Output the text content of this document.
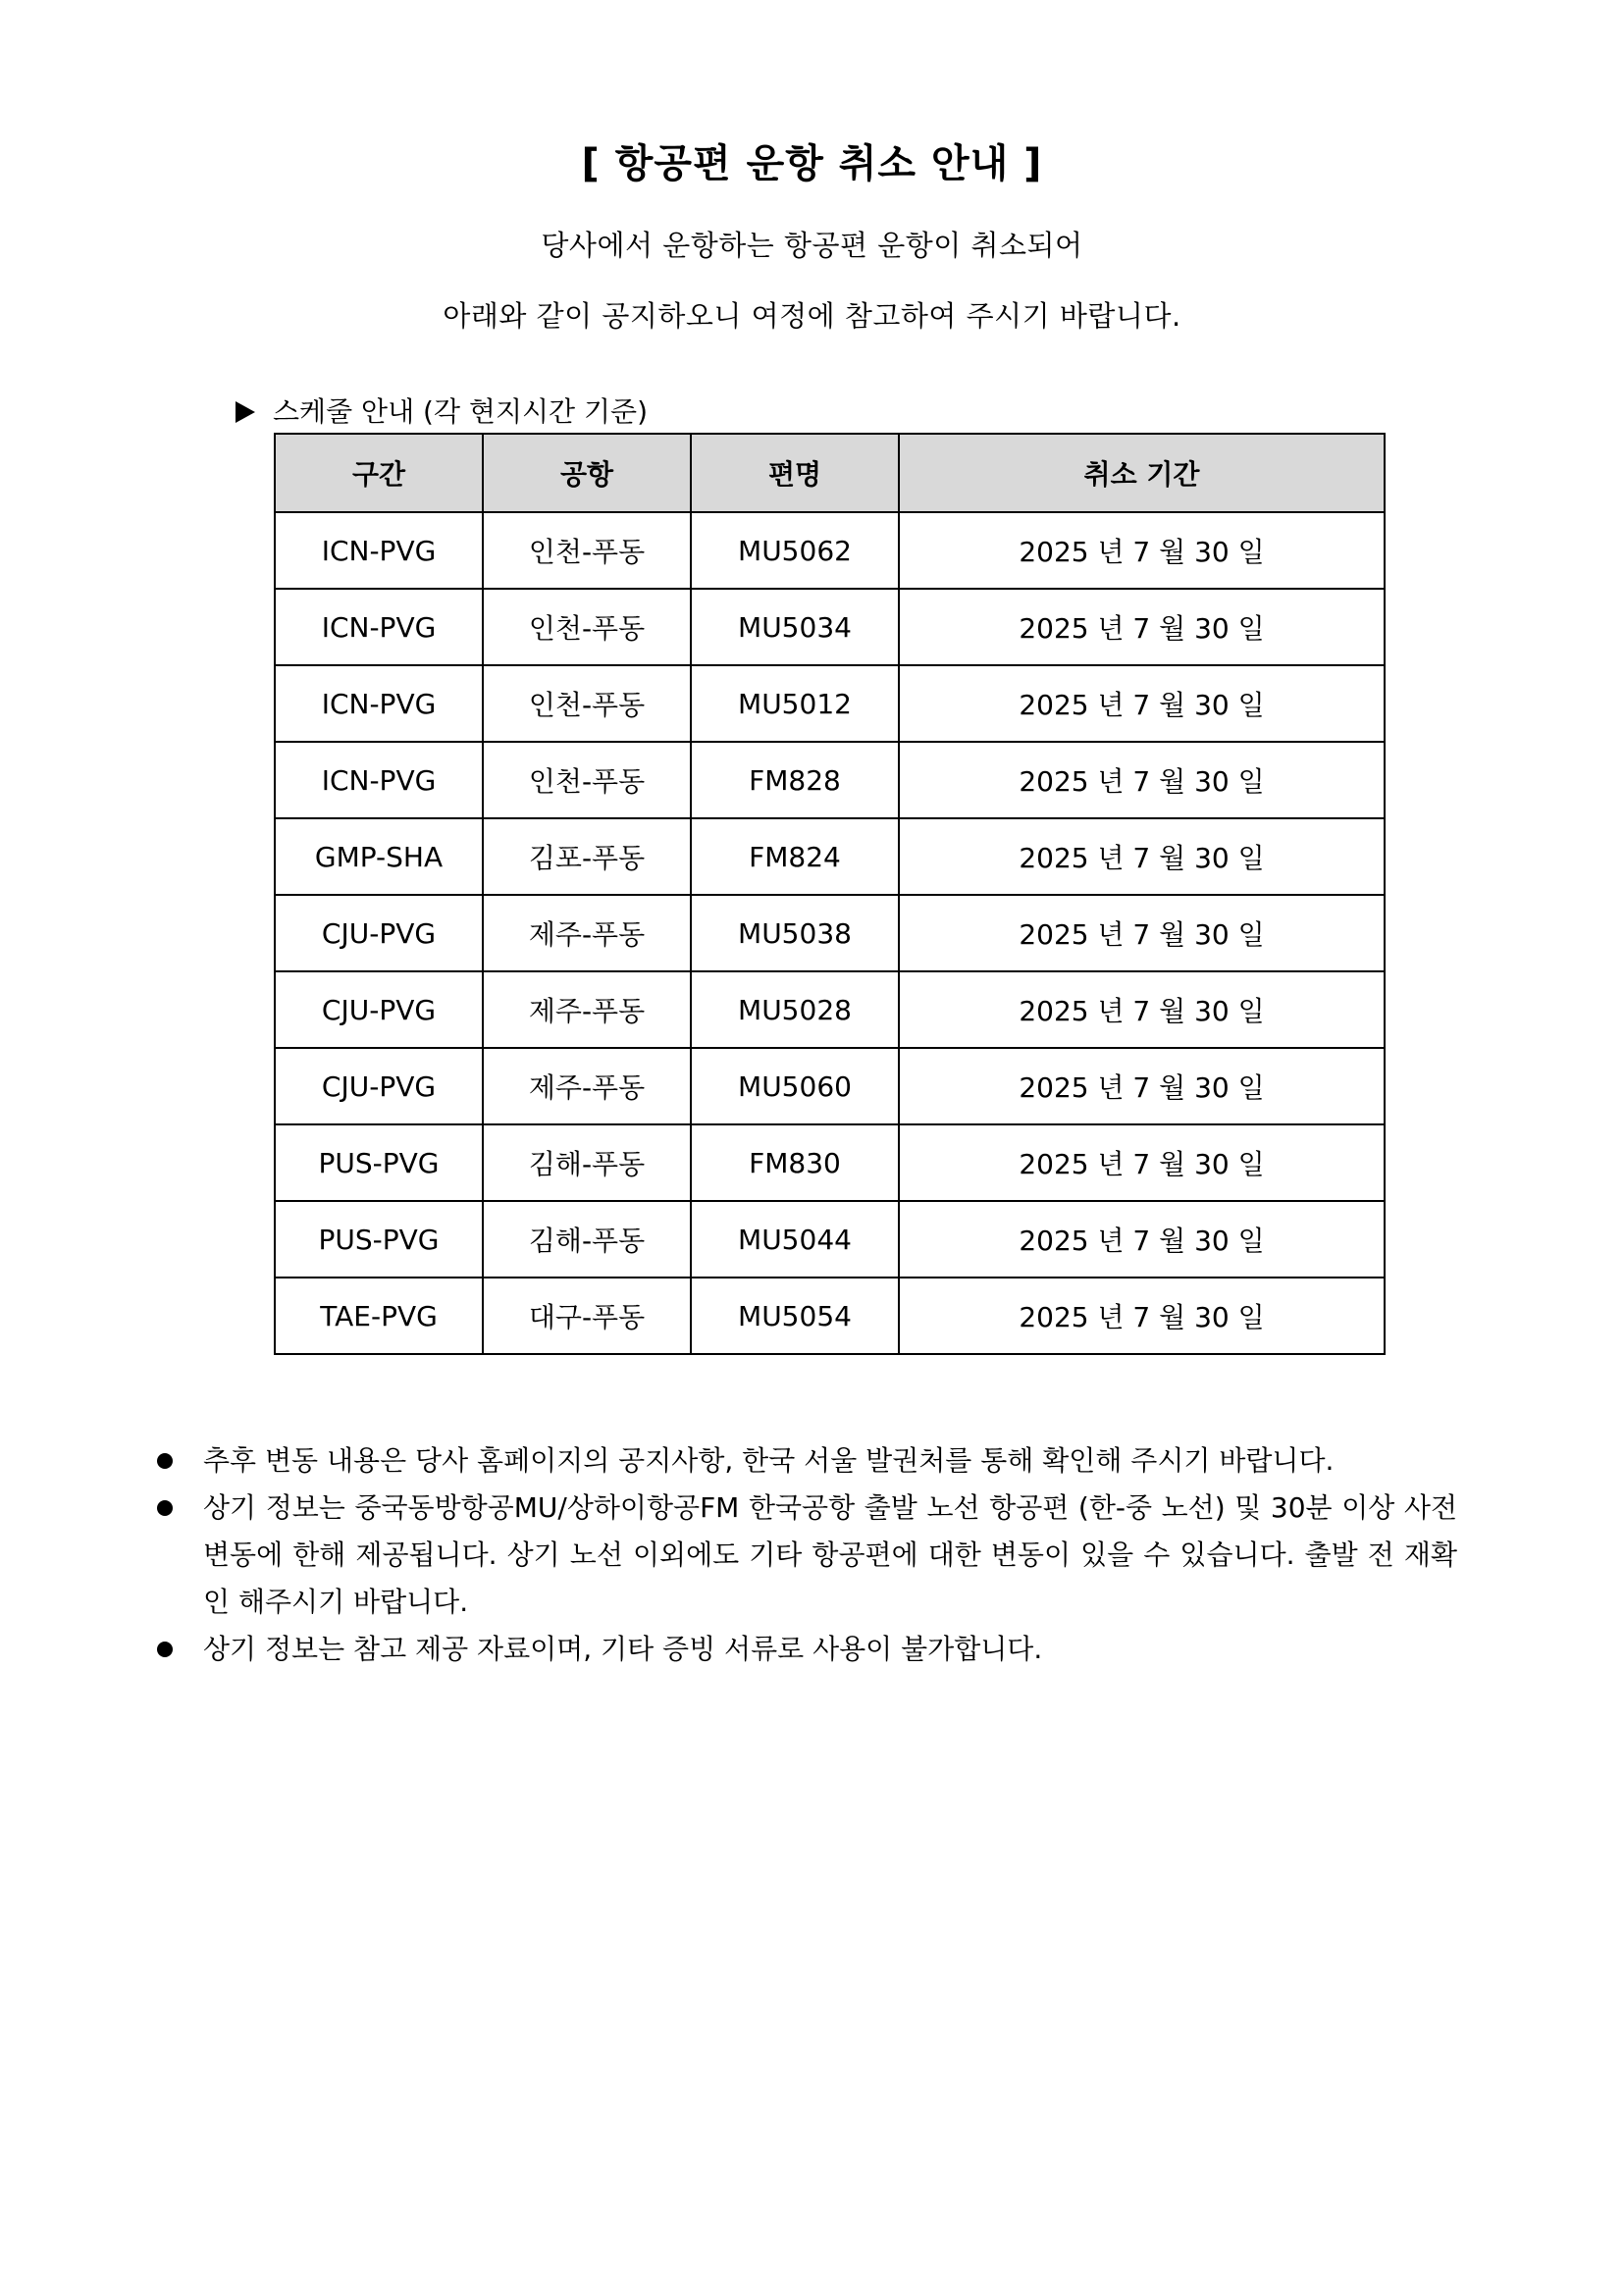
[ 항공편 운항 취소 안내 ]
당사에서 운항하는 항공편 운항이 취소되어
아래와 같이 공지하오니 여정에 참고하여 주시기 바랍니다.
스케줄 안내 (각 현지시간 기준)
구간	공항	편명	취소 기간
ICN-PVG	인천-푸동	MU5062	2025 년 7 월 30 일
ICN-PVG	인천-푸동	MU5034	2025 년 7 월 30 일
ICN-PVG	인천-푸동	MU5012	2025 년 7 월 30 일
ICN-PVG	인천-푸동	FM828	2025 년 7 월 30 일
GMP-SHA	김포-푸동	FM824	2025 년 7 월 30 일
CJU-PVG	제주-푸동	MU5038	2025 년 7 월 30 일
CJU-PVG	제주-푸동	MU5028	2025 년 7 월 30 일
CJU-PVG	제주-푸동	MU5060	2025 년 7 월 30 일
PUS-PVG	김해-푸동	FM830	2025 년 7 월 30 일
PUS-PVG	김해-푸동	MU5044	2025 년 7 월 30 일
TAE-PVG	대구-푸동	MU5054	2025 년 7 월 30 일
추후 변동 내용은 당사 홈페이지의 공지사항, 한국 서울 발권처를 통해 확인해 주시기 바랍니다.
상기 정보는 중국동방항공MU/상하이항공FM 한국공항 출발 노선 항공편 (한-중 노선) 및 30분 이상 사전 변동에 한해 제공됩니다. 상기 노선 이외에도 기타 항공편에 대한 변동이 있을 수 있습니다. 출발 전 재확인 해주시기 바랍니다.
상기 정보는 참고 제공 자료이며, 기타 증빙 서류로 사용이 불가합니다.
